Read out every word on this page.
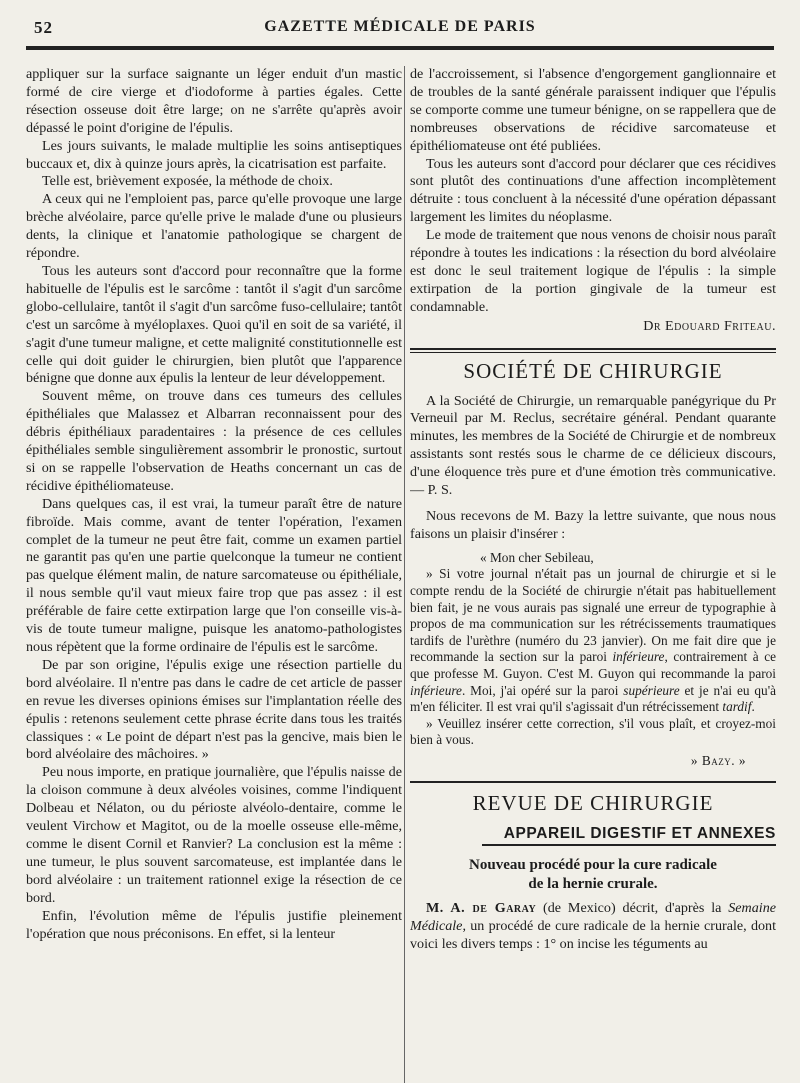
52	GAZETTE MÉDICALE DE PARIS

appliquer sur la surface saignante un léger enduit d'un mastic formé de cire vierge et d'iodoforme à parties égales. Cette résection osseuse doit être large; on ne s'arrête qu'après avoir dépassé le point d'origine de l'épulis.

Les jours suivants, le malade multiplie les soins antiseptiques buccaux et, dix à quinze jours après, la cicatrisation est parfaite.

Telle est, brièvement exposée, la méthode de choix.

A ceux qui ne l'emploient pas, parce qu'elle provoque une large brèche alvéolaire, parce qu'elle prive le malade d'une ou plusieurs dents, la clinique et l'anatomie pathologique se chargent de répondre.

Tous les auteurs sont d'accord pour reconnaître que la forme habituelle de l'épulis est le sarcôme : tantôt il s'agit d'un sarcôme globo-cellulaire, tantôt il s'agit d'un sarcôme fuso-cellulaire; tantôt c'est un sarcôme à myéloplaxes. Quoi qu'il en soit de sa variété, il s'agit d'une tumeur maligne, et cette malignité constitutionnelle est celle qui doit guider le chirurgien, bien plutôt que l'apparence bénigne que donne aux épulis la lenteur de leur développement.

Souvent même, on trouve dans ces tumeurs des cellules épithéliales que Malassez et Albarran reconnaissent pour des débris épithéliaux paradentaires : la présence de ces cellules épithéliales semble singulièrement assombrir le pronostic, surtout si on se rappelle l'observation de Heaths concernant un cas de récidive épithéliomateuse.

Dans quelques cas, il est vrai, la tumeur paraît être de nature fibroïde. Mais comme, avant de tenter l'opération, l'examen complet de la tumeur ne peut être fait, comme un examen partiel ne garantit pas qu'en une partie quelconque la tumeur ne contient pas quelque élément malin, de nature sarcomateuse ou épithéliale, il nous semble qu'il vaut mieux faire trop que pas assez : il est préférable de faire cette extirpation large que l'on conseille vis-à-vis de toute tumeur maligne, puisque les anatomo-pathologistes nous répètent que la forme ordinaire de l'épulis est le sarcôme.

De par son origine, l'épulis exige une résection partielle du bord alvéolaire. Il n'entre pas dans le cadre de cet article de passer en revue les diverses opinions émises sur l'implantation réelle des épulis : retenons seulement cette phrase écrite dans tous les traités classiques : « Le point de départ n'est pas la gencive, mais bien le bord alvéolaire des mâchoires. »

Peu nous importe, en pratique journalière, que l'épulis naisse de la cloison commune à deux alvéoles voisines, comme l'indiquent Dolbeau et Nélaton, ou du périoste alvéolo-dentaire, comme le veulent Virchow et Magitot, ou de la moelle osseuse elle-même, comme le disent Cornil et Ranvier? La conclusion est la même : une tumeur, le plus souvent sarcomateuse, est implantée dans le bord alvéolaire : un traitement rationnel exige la résection de ce bord.

Enfin, l'évolution même de l'épulis justifie pleinement l'opération que nous préconisons. En effet, si la lenteur

de l'accroissement, si l'absence d'engorgement ganglionnaire et de troubles de la santé générale paraissent indiquer que l'épulis se comporte comme une tumeur bénigne, on se rappellera que de nombreuses observations de récidive sarcomateuse et épithéliomateuse ont été publiées.

Tous les auteurs sont d'accord pour déclarer que ces récidives sont plutôt des continuations d'une affection incomplètement détruite : tous concluent à la nécessité d'une opération dépassant largement les limites du néoplasme.

Le mode de traitement que nous venons de choisir nous paraît répondre à toutes les indications : la résection du bord alvéolaire est donc le seul traitement logique de l'épulis : la simple extirpation de la portion gingivale de la tumeur est condamnable.

Dr Edouard Friteau.
SOCIÉTÉ DE CHIRURGIE

A la Société de Chirurgie, un remarquable panégyrique du Pr Verneuil par M. Reclus, secrétaire général. Pendant quarante minutes, les membres de la Société de Chirurgie et de nombreux assistants sont restés sous le charme de ce délicieux discours, d'une éloquence très pure et d'une émotion très communicative. — P. S.

Nous recevons de M. Bazy la lettre suivante, que nous nous faisons un plaisir d'insérer :

« Mon cher Sebileau,

» Si votre journal n'était pas un journal de chirurgie et si le compte rendu de la Société de chirurgie n'était pas habituellement bien fait, je ne vous aurais pas signalé une erreur de typographie à propos de ma communication sur les rétrécissements traumatiques tardifs de l'urèthre (numéro du 23 janvier). On me fait dire que je recommande la section sur la paroi inférieure, contrairement à ce que professe M. Guyon. C'est M. Guyon qui recommande la paroi inférieure. Moi, j'ai opéré sur la paroi supérieure et je n'ai eu qu'à m'en féliciter. Il est vrai qu'il s'agissait d'un rétrécissement tardif.

» Veuillez insérer cette correction, s'il vous plaît, et croyez-moi bien à vous.

» Bazy. »
REVUE DE CHIRURGIE
APPAREIL DIGESTIF ET ANNEXES
Nouveau procédé pour la cure radicale
de la hernie crurale.

M. A. de Garay (de Mexico) décrit, d'après la Semaine Médicale, un procédé de cure radicale de la hernie crurale, dont voici les divers temps : 1° on incise les téguments au
